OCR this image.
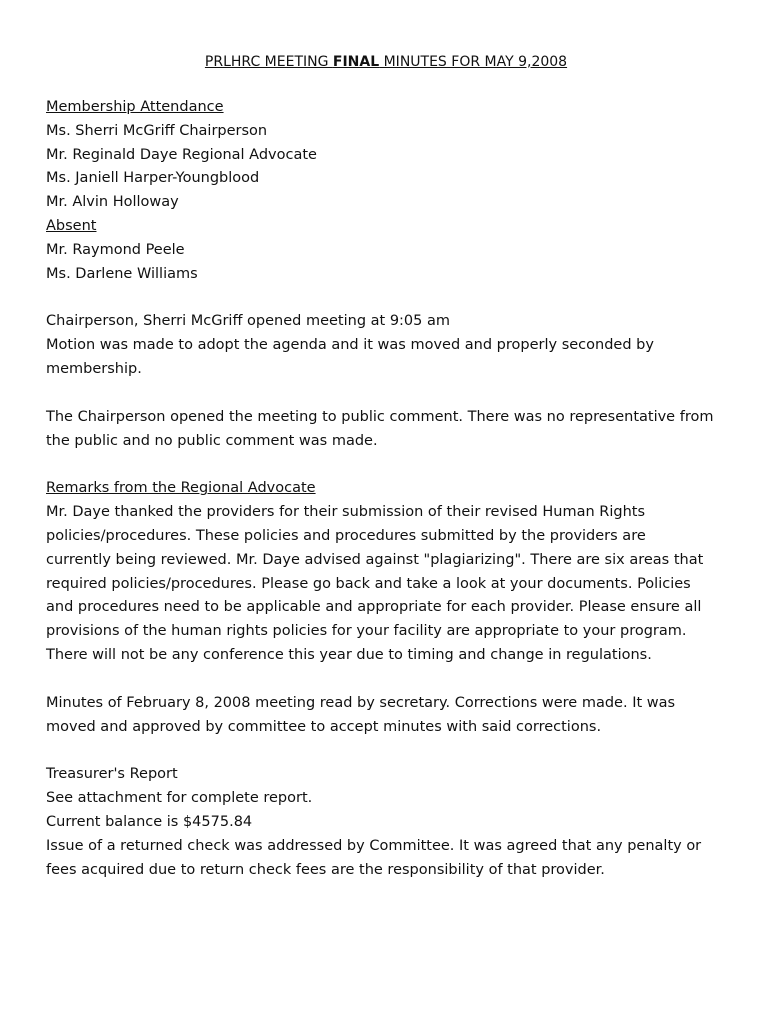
PRLHRC MEETING FINAL MINUTES FOR MAY 9,2008
Membership Attendance
Ms. Sherri McGriff Chairperson
Mr. Reginald Daye Regional Advocate
Ms. Janiell Harper-Youngblood
Mr. Alvin Holloway
Absent
Mr. Raymond Peele
Ms. Darlene Williams
Chairperson, Sherri McGriff opened meeting at 9:05 am
Motion was made to adopt the agenda and it was moved and properly seconded by
membership.
The Chairperson opened the meeting to public comment. There was no representative from
the public and no public comment was made.
Remarks from the Regional Advocate
Mr. Daye thanked the providers for their submission of their revised Human Rights
policies/procedures. These policies and procedures submitted by the providers are
currently being reviewed. Mr. Daye advised against "plagiarizing". There are six areas that
required policies/procedures. Please go back and take a look at your documents. Policies
and procedures need to be applicable and appropriate for each provider. Please ensure all
provisions of the human rights policies for your facility are appropriate to your program.
There will not be any conference this year due to timing and change in regulations.
Minutes of February 8, 2008 meeting read by secretary. Corrections were made. It was
moved and approved by committee to accept minutes with said corrections.
Treasurer's Report
See attachment for complete report.
Current balance is $4575.84
Issue of a returned check was addressed by Committee. It was agreed that any penalty or
fees acquired due to return check fees are the responsibility of that provider.
